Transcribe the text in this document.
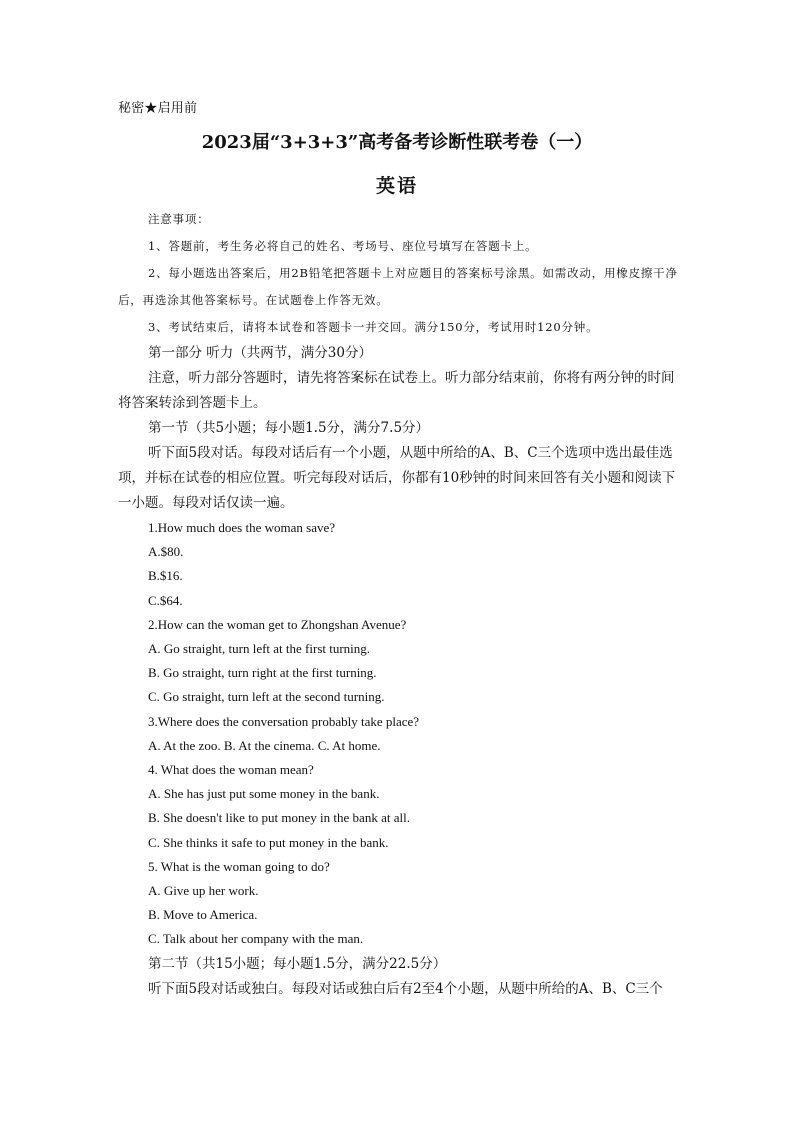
秘密★启用前
2023届“3+3+3”高考备考诊断性联考卷（一）
英语

注意事项：

1、答题前，考生务必将自己的姓名、考场号、座位号填写在答题卡上。

2、每小题选出答案后，用2B铅笔把答题卡上对应题目的答案标号涂黑。如需改动，用橡皮擦干净后，再选涂其他答案标号。在试题卷上作答无效。

3、考试结束后，请将本试卷和答题卡一并交回。满分150分，考试用时120分钟。

第一部分 听力（共两节，满分30分）

注意，听力部分答题时，请先将答案标在试卷上。听力部分结束前，你将有两分钟的时间将答案转涂到答题卡上。

第一节（共5小题；每小题1.5分，满分7.5分）

听下面5段对话。每段对话后有一个小题，从题中所给的A、B、C三个选项中选出最佳选项，并标在试卷的相应位置。听完每段对话后，你都有10秒钟的时间来回答有关小题和阅读下一小题。每段对话仅读一遍。

1.How much does the woman save?

A.$80.

B.$16.

C.$64.

2.How can the woman get to Zhongshan Avenue?

A. Go straight, turn left at the first turning.

B. Go straight, turn right at the first turning.

C. Go straight, turn left at the second turning.

3.Where does the conversation probably take place?

A. At the zoo. B. At the cinema. C. At home.

4. What does the woman mean?

A. She has just put some money in the bank.

B. She doesn't like to put money in the bank at all.

C. She thinks it safe to put money in the bank.

5. What is the woman going to do?

A. Give up her work.

B. Move to America.

C. Talk about her company with the man.

第二节（共15小题；每小题1.5分，满分22.5分）

听下面5段对话或独白。每段对话或独白后有2至4个小题，从题中所给的A、B、C三个
